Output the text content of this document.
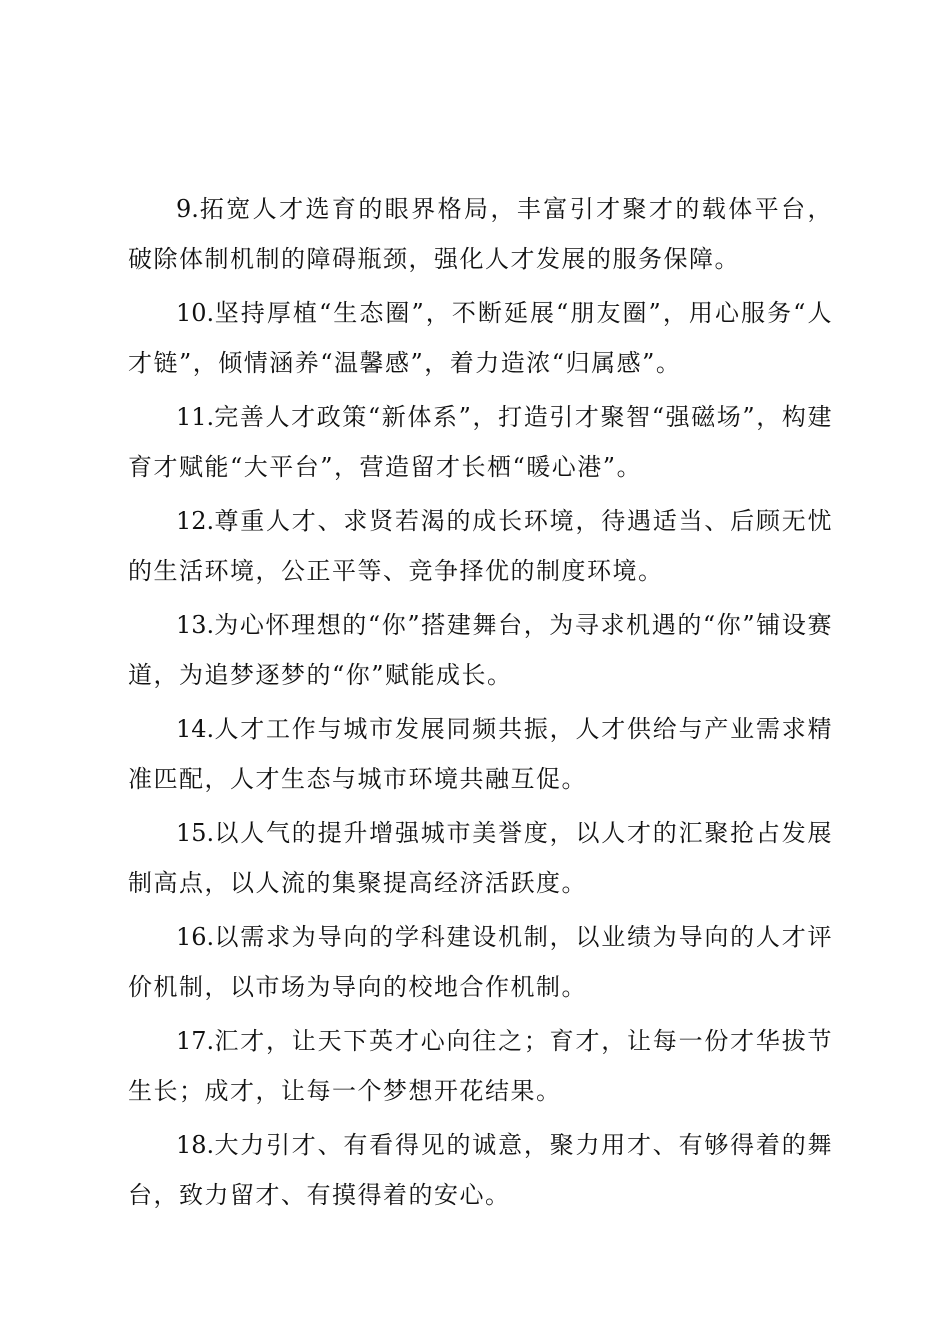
9.拓宽人才选育的眼界格局，丰富引才聚才的载体平台，破除体制机制的障碍瓶颈，强化人才发展的服务保障。

10.坚持厚植“生态圈”，不断延展“朋友圈”，用心服务“人才链”，倾情涵养“温馨感”，着力造浓“归属感”。

11.完善人才政策“新体系”，打造引才聚智“强磁场”，构建育才赋能“大平台”，营造留才长栖“暖心港”。

12.尊重人才、求贤若渴的成长环境，待遇适当、后顾无忧的生活环境，公正平等、竞争择优的制度环境。

13.为心怀理想的“你”搭建舞台，为寻求机遇的“你”铺设赛道，为追梦逐梦的“你”赋能成长。

14.人才工作与城市发展同频共振，人才供给与产业需求精准匹配，人才生态与城市环境共融互促。

15.以人气的提升增强城市美誉度，以人才的汇聚抢占发展制高点，以人流的集聚提高经济活跃度。

16.以需求为导向的学科建设机制，以业绩为导向的人才评价机制，以市场为导向的校地合作机制。

17.汇才，让天下英才心向往之；育才，让每一份才华拔节生长；成才，让每一个梦想开花结果。

18.大力引才、有看得见的诚意，聚力用才、有够得着的舞台，致力留才、有摸得着的安心。
